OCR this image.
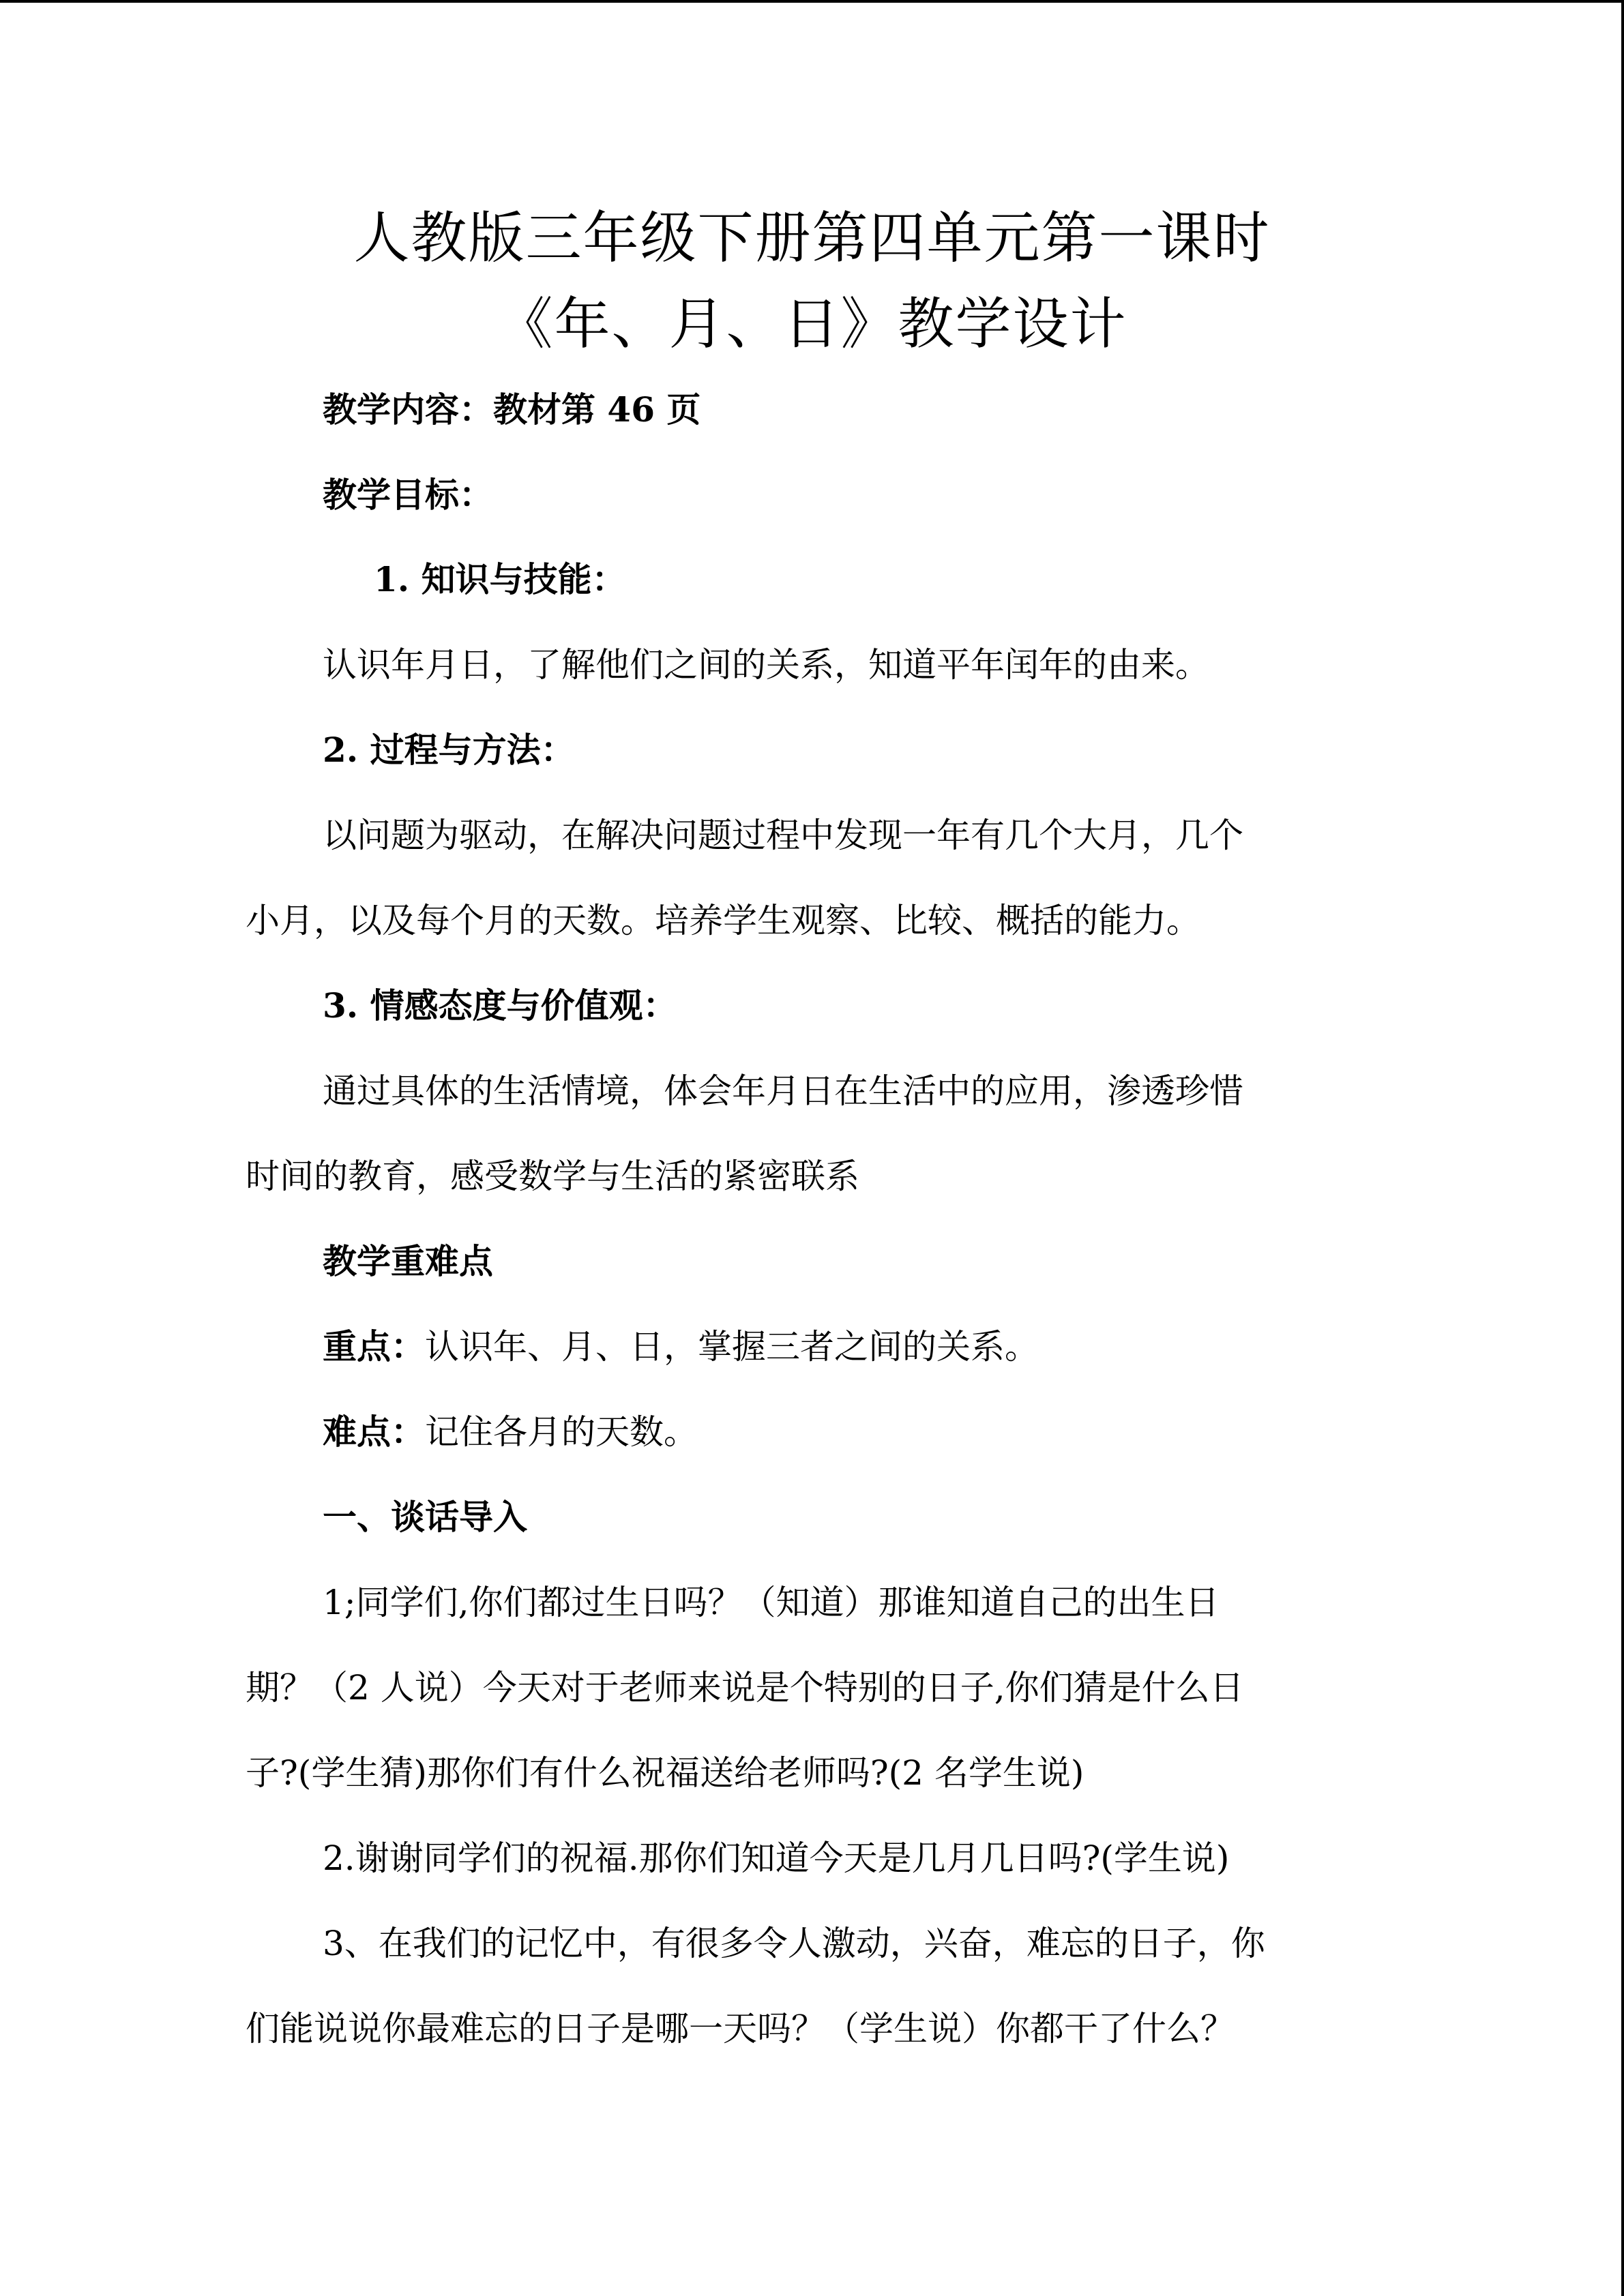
人教版三年级下册第四单元第一课时
《年、月、日》教学设计
教学内容：教材第 46 页
教学目标：
1. 知识与技能：
认识年月日，了解他们之间的关系，知道平年闰年的由来。
2. 过程与方法：
以问题为驱动，在解决问题过程中发现一年有几个大月，几个
小月，以及每个月的天数。培养学生观察、比较、概括的能力。
3. 情感态度与价值观：
通过具体的生活情境，体会年月日在生活中的应用，渗透珍惜
时间的教育，感受数学与生活的紧密联系
教学重难点
重点：认识年、月、日，掌握三者之间的关系。
难点：记住各月的天数。
一、谈话导入
1;同学们,你们都过生日吗？（知道）那谁知道自己的出生日
期？（2 人说）今天对于老师来说是个特别的日子,你们猜是什么日
子?(学生猜)那你们有什么祝福送给老师吗?(2 名学生说)
2.谢谢同学们的祝福.那你们知道今天是几月几日吗?(学生说)
3、在我们的记忆中，有很多令人激动，兴奋，难忘的日子，你
们能说说你最难忘的日子是哪一天吗？（学生说）你都干了什么？
